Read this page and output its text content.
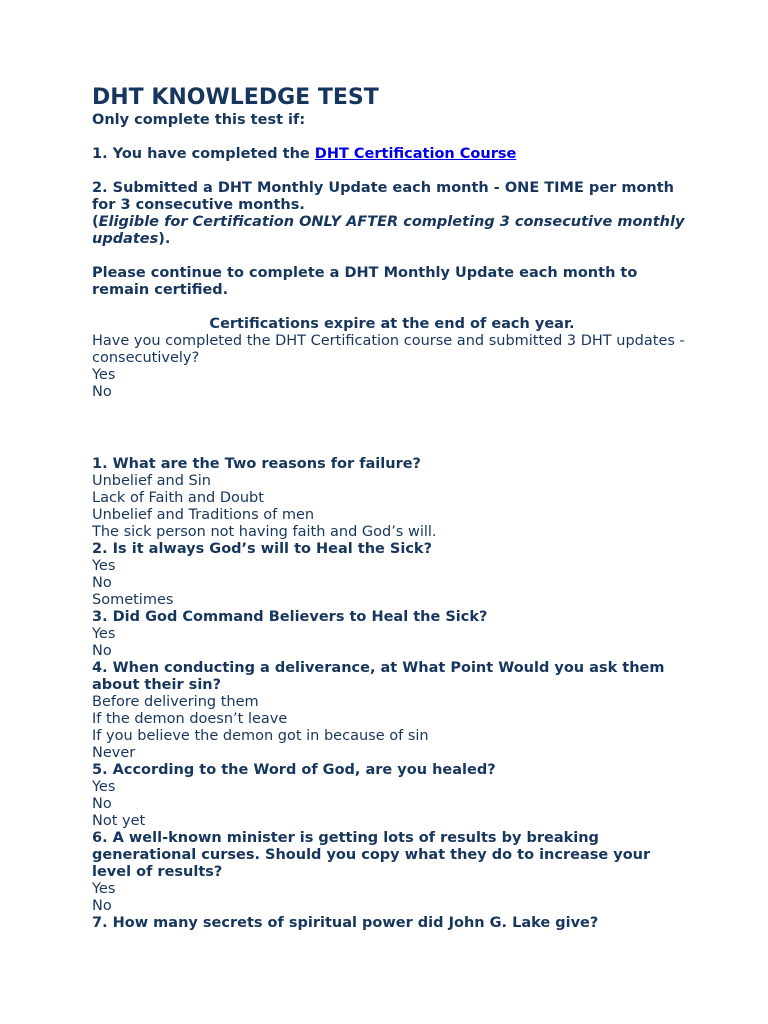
DHT KNOWLEDGE TEST

Only complete this test if:

1. You have completed the DHT Certification Course

2. Submitted a DHT Monthly Update each month - ONE TIME per month for 3 consecutive months.

(Eligible for Certification ONLY AFTER completing 3 consecutive monthly updates).

Please continue to complete a DHT Monthly Update each month to remain certified.

Certifications expire at the end of each year.

Have you completed the DHT Certification course and submitted 3 DHT updates - consecutively?

Yes

No

1. What are the Two reasons for failure?

Unbelief and Sin

Lack of Faith and Doubt

Unbelief and Traditions of men

The sick person not having faith and God’s will.

2. Is it always God’s will to Heal the Sick?

Yes

No

Sometimes

3. Did God Command Believers to Heal the Sick?

Yes

No

4. When conducting a deliverance, at What Point Would you ask them about their sin?

Before delivering them

If the demon doesn’t leave

If you believe the demon got in because of sin

Never

5. According to the Word of God, are you healed?

Yes

No

Not yet

6. A well-known minister is getting lots of results by breaking generational curses. Should you copy what they do to increase your level of results?

Yes

No

7. How many secrets of spiritual power did John G. Lake give?
